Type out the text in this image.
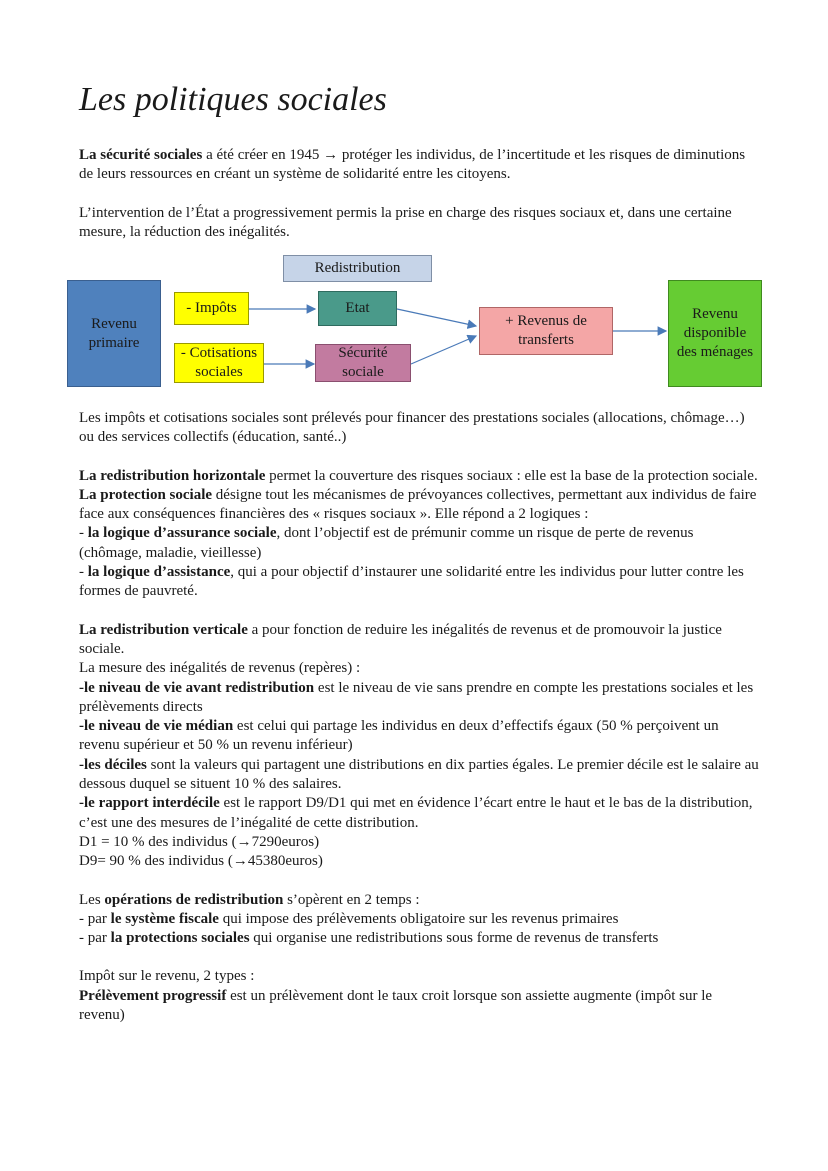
Les politiques sociales

La sécurité sociales a été créer en 1945 → protéger les individus, de l’incertitude et les risques de diminutions de leurs ressources en créant un système de solidarité entre les citoyens.

L’intervention de l’État a progressivement permis la prise en charge des risques sociaux et, dans une certaine mesure, la réduction des inégalités.

Redistribution
Revenu primaire
- Impôts
- Cotisations sociales
Etat
Sécurité sociale
+ Revenus de transferts
Revenu disponible des ménages

Les impôts et cotisations sociales sont prélevés pour financer des prestations sociales (allocations, chômage…) ou des services collectifs (éducation, santé..)

La redistribution horizontale permet la couverture des risques sociaux : elle est la base de la protection sociale.

La protection sociale désigne tout les mécanismes de prévoyances collectives, permettant aux individus de faire face aux conséquences financières des « risques sociaux ». Elle répond a 2 logiques :

- la logique d’assurance sociale, dont l’objectif est de prémunir comme un risque de perte de revenus (chômage, maladie, vieillesse)

- la logique d’assistance, qui a pour objectif d’instaurer une solidarité entre les individus pour lutter contre les formes de pauvreté.

La redistribution verticale a pour fonction de reduire les inégalités de revenus et de promouvoir la justice sociale.

La mesure des inégalités de revenus (repères) :

-le niveau de vie avant redistribution est le niveau de vie sans prendre en compte les prestations sociales et les prélèvements directs

-le niveau de vie médian est celui qui partage les individus en deux d’effectifs égaux (50 % perçoivent un revenu supérieur et 50 % un revenu inférieur)

-les déciles sont la valeurs qui partagent une distributions en dix parties égales. Le premier décile est le salaire au dessous duquel se situent 10 % des salaires.

-le rapport interdécile est le rapport D9/D1 qui met en évidence l’écart entre le haut et le bas de la distribution, c’est une des mesures de l’inégalité de cette distribution.

D1 = 10 % des individus (→7290euros)

D9= 90 % des individus (→45380euros)

Les opérations de redistribution s’opèrent en 2 temps :

- par le système fiscale qui impose des prélèvements obligatoire sur les revenus primaires

- par la protections sociales qui organise une redistributions sous forme de revenus de transferts

Impôt sur le revenu, 2 types :

Prélèvement progressif est un prélèvement dont le taux croit lorsque son assiette augmente (impôt sur le revenu)
